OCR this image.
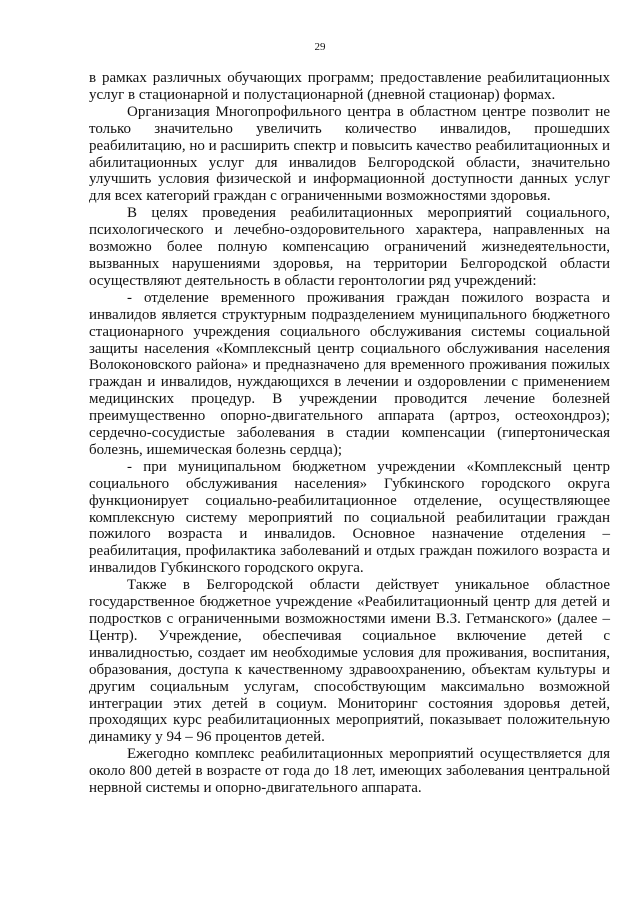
29

в рамках различных обучающих программ; предоставление реабилитационных услуг в стационарной и полустационарной (дневной стационар) формах.

Организация Многопрофильного центра в областном центре позволит не только значительно увеличить количество инвалидов, прошедших реабилитацию, но и расширить спектр и повысить качество реабилитационных и абилитационных услуг для инвалидов Белгородской области, значительно улучшить условия физической и информационной доступности данных услуг для всех категорий граждан с ограниченными возможностями здоровья.

В целях проведения реабилитационных мероприятий социального, психологического и лечебно-оздоровительного характера, направленных на возможно более полную компенсацию ограничений жизнедеятельности, вызванных нарушениями здоровья, на территории Белгородской области осуществляют деятельность в области геронтологии ряд учреждений:

- отделение временного проживания граждан пожилого возраста и инвалидов является структурным подразделением муниципального бюджетного стационарного учреждения социального обслуживания системы социальной защиты населения «Комплексный центр социального обслуживания населения Волоконовского района» и предназначено для временного проживания пожилых граждан и инвалидов, нуждающихся в лечении и оздоровлении с применением медицинских процедур. В учреждении проводится лечение болезней преимущественно опорно-двигательного аппарата (артроз, остеохондроз); сердечно-сосудистые заболевания в стадии компенсации (гипертоническая болезнь, ишемическая болезнь сердца);

- при муниципальном бюджетном учреждении «Комплексный центр социального обслуживания населения» Губкинского городского округа функционирует социально-реабилитационное отделение, осуществляющее комплексную систему мероприятий по социальной реабилитации граждан пожилого возраста и инвалидов. Основное назначение отделения – реабилитация, профилактика заболеваний и отдых граждан пожилого возраста и инвалидов Губкинского городского округа.

Также в Белгородской области действует уникальное областное государственное бюджетное учреждение «Реабилитационный центр для детей и подростков с ограниченными возможностями имени В.З. Гетманского» (далее – Центр). Учреждение, обеспечивая социальное включение детей с инвалидностью, создает им необходимые условия для проживания, воспитания, образования, доступа к качественному здравоохранению, объектам культуры и другим социальным услугам, способствующим максимально возможной интеграции этих детей в социум. Мониторинг состояния здоровья детей, проходящих курс реабилитационных мероприятий, показывает положительную динамику у 94 – 96 процентов детей.

Ежегодно комплекс реабилитационных мероприятий осуществляется для около 800 детей в возрасте от года до 18 лет, имеющих заболевания центральной нервной системы и опорно-двигательного аппарата.
